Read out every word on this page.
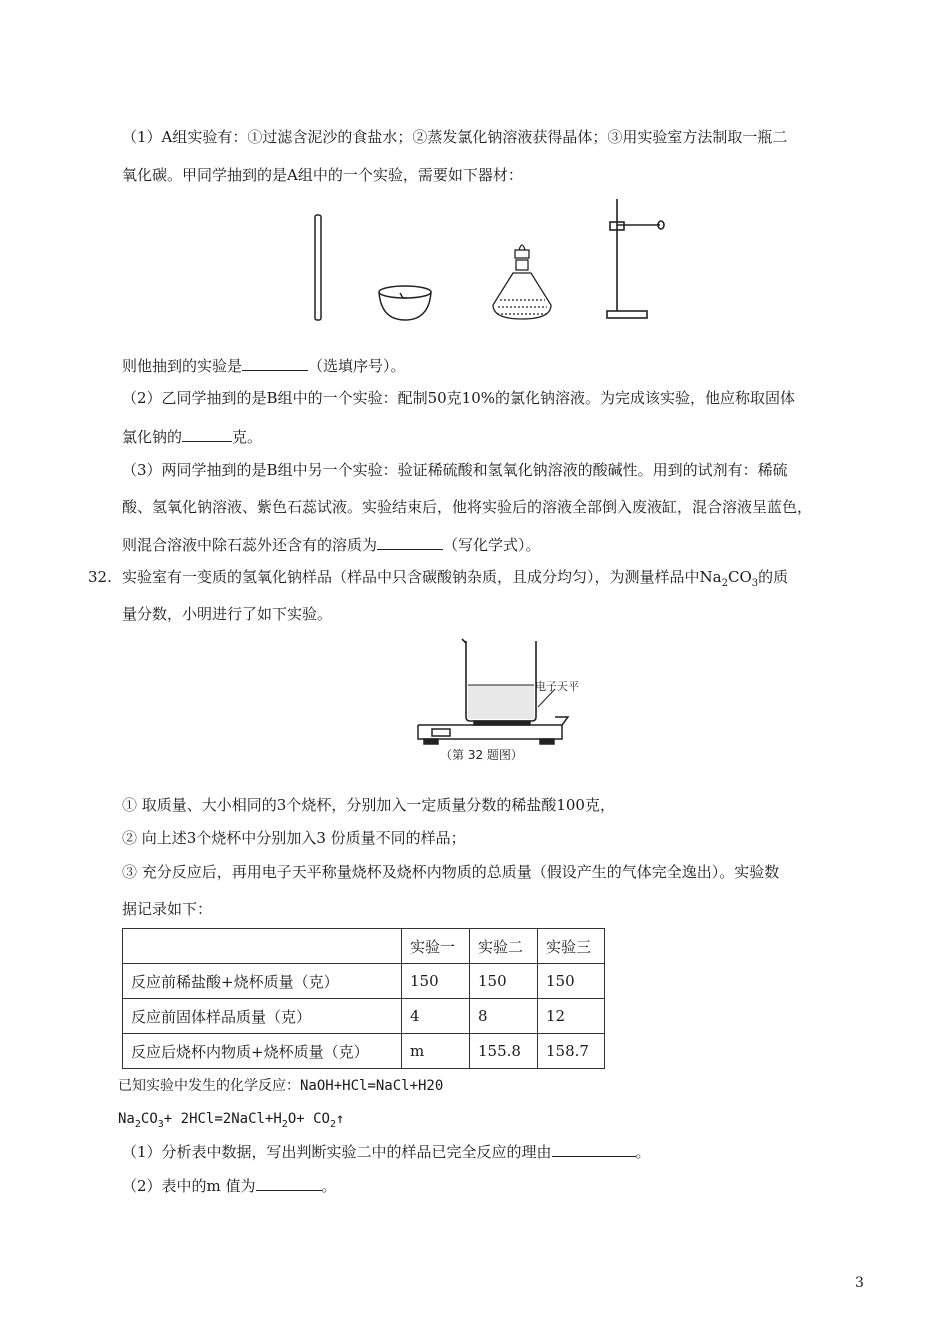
（1）A组实验有：①过滤含泥沙的食盐水；②蒸发氯化钠溶液获得晶体；③用实验室方法制取一瓶二
氧化碳。甲同学抽到的是A组中的一个实验，需要如下器材：
则他抽到的实验是	（选填序号）。
（2）乙同学抽到的是B组中的一个实验：配制50克10%的氯化钠溶液。为完成该实验，他应称取固体
氯化钠的	克。
（3）两同学抽到的是B组中另一个实验：验证稀硫酸和氢氧化钠溶液的酸碱性。用到的试剂有：稀硫
酸、氢氧化钠溶液、紫色石蕊试液。实验结束后，他将实验后的溶液全部倒入废液缸，混合溶液呈蓝色，
则混合溶液中除石蕊外还含有的溶质为	（写化学式）。
32. 实验室有一变质的氢氧化钠样品（样品中只含碳酸钠杂质，且成分均匀），为测量样品中$Na_2CO_3$的质
量分数，小明进行了如下实验。
电子天平
（第 32 题图）
① 取质量、大小相同的3个烧杯，分别加入一定质量分数的稀盐酸100克，
② 向上述3个烧杯中分别加入3 份质量不同的样品；
③ 充分反应后，再用电子天平称量烧杯及烧杯内物质的总质量（假设产生的气体完全逸出）。实验数
据记录如下：
	实验一	实验二	实验三
反应前稀盐酸+烧杯质量（克）	150	150	150
反应前固体样品质量（克）	4	8	12
反应后烧杯内物质+烧杯质量（克）	m	155.8	158.7
已知实验中发生的化学反应：NaOH+HCl=NaCl+H20
$Na_2CO_3+$ $2HCl=2NaCl+H_2O+$ $CO_2↑$
（1）分析表中数据，写出判断实验二中的样品已完全反应的理由	。
（2）表中的m 值为	。
3
